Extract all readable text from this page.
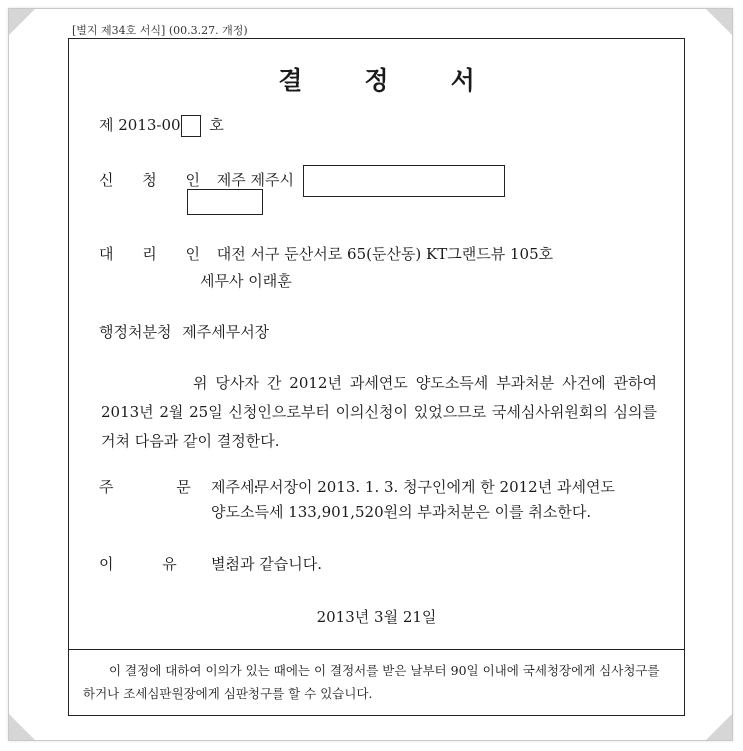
[별지 제34호 서식] (00.3.27. 개정)
결정서
제 2013-00 호
신 청 인 제주 제주시
대 리 인 대전 서구 둔산서로 65(둔산동) KT그랜드뷰 105호
세무사 이래훈
행정처분청 제주세무서장
위 당사자 간 2012년 과세연도 양도소득세 부과처분 사건에 관하여 2013년 2월 25일 신청인으로부터 이의신청이 있었으므로 국세심사위원회의 심의를 거쳐 다음과 같이 결정한다.
주 문 :
제주세무서장이 2013. 1. 3. 청구인에게 한 2012년 과세연도
양도소득세 133,901,520원의 부과처분은 이를 취소한다.
이 유 :
별첨과 같습니다.
2013년 3월 21일
이 결정에 대하여 이의가 있는 때에는 이 결정서를 받은 날부터 90일 이내에 국세청장에게 심사청구를 하거나 조세심판원장에게 심판청구를 할 수 있습니다.
